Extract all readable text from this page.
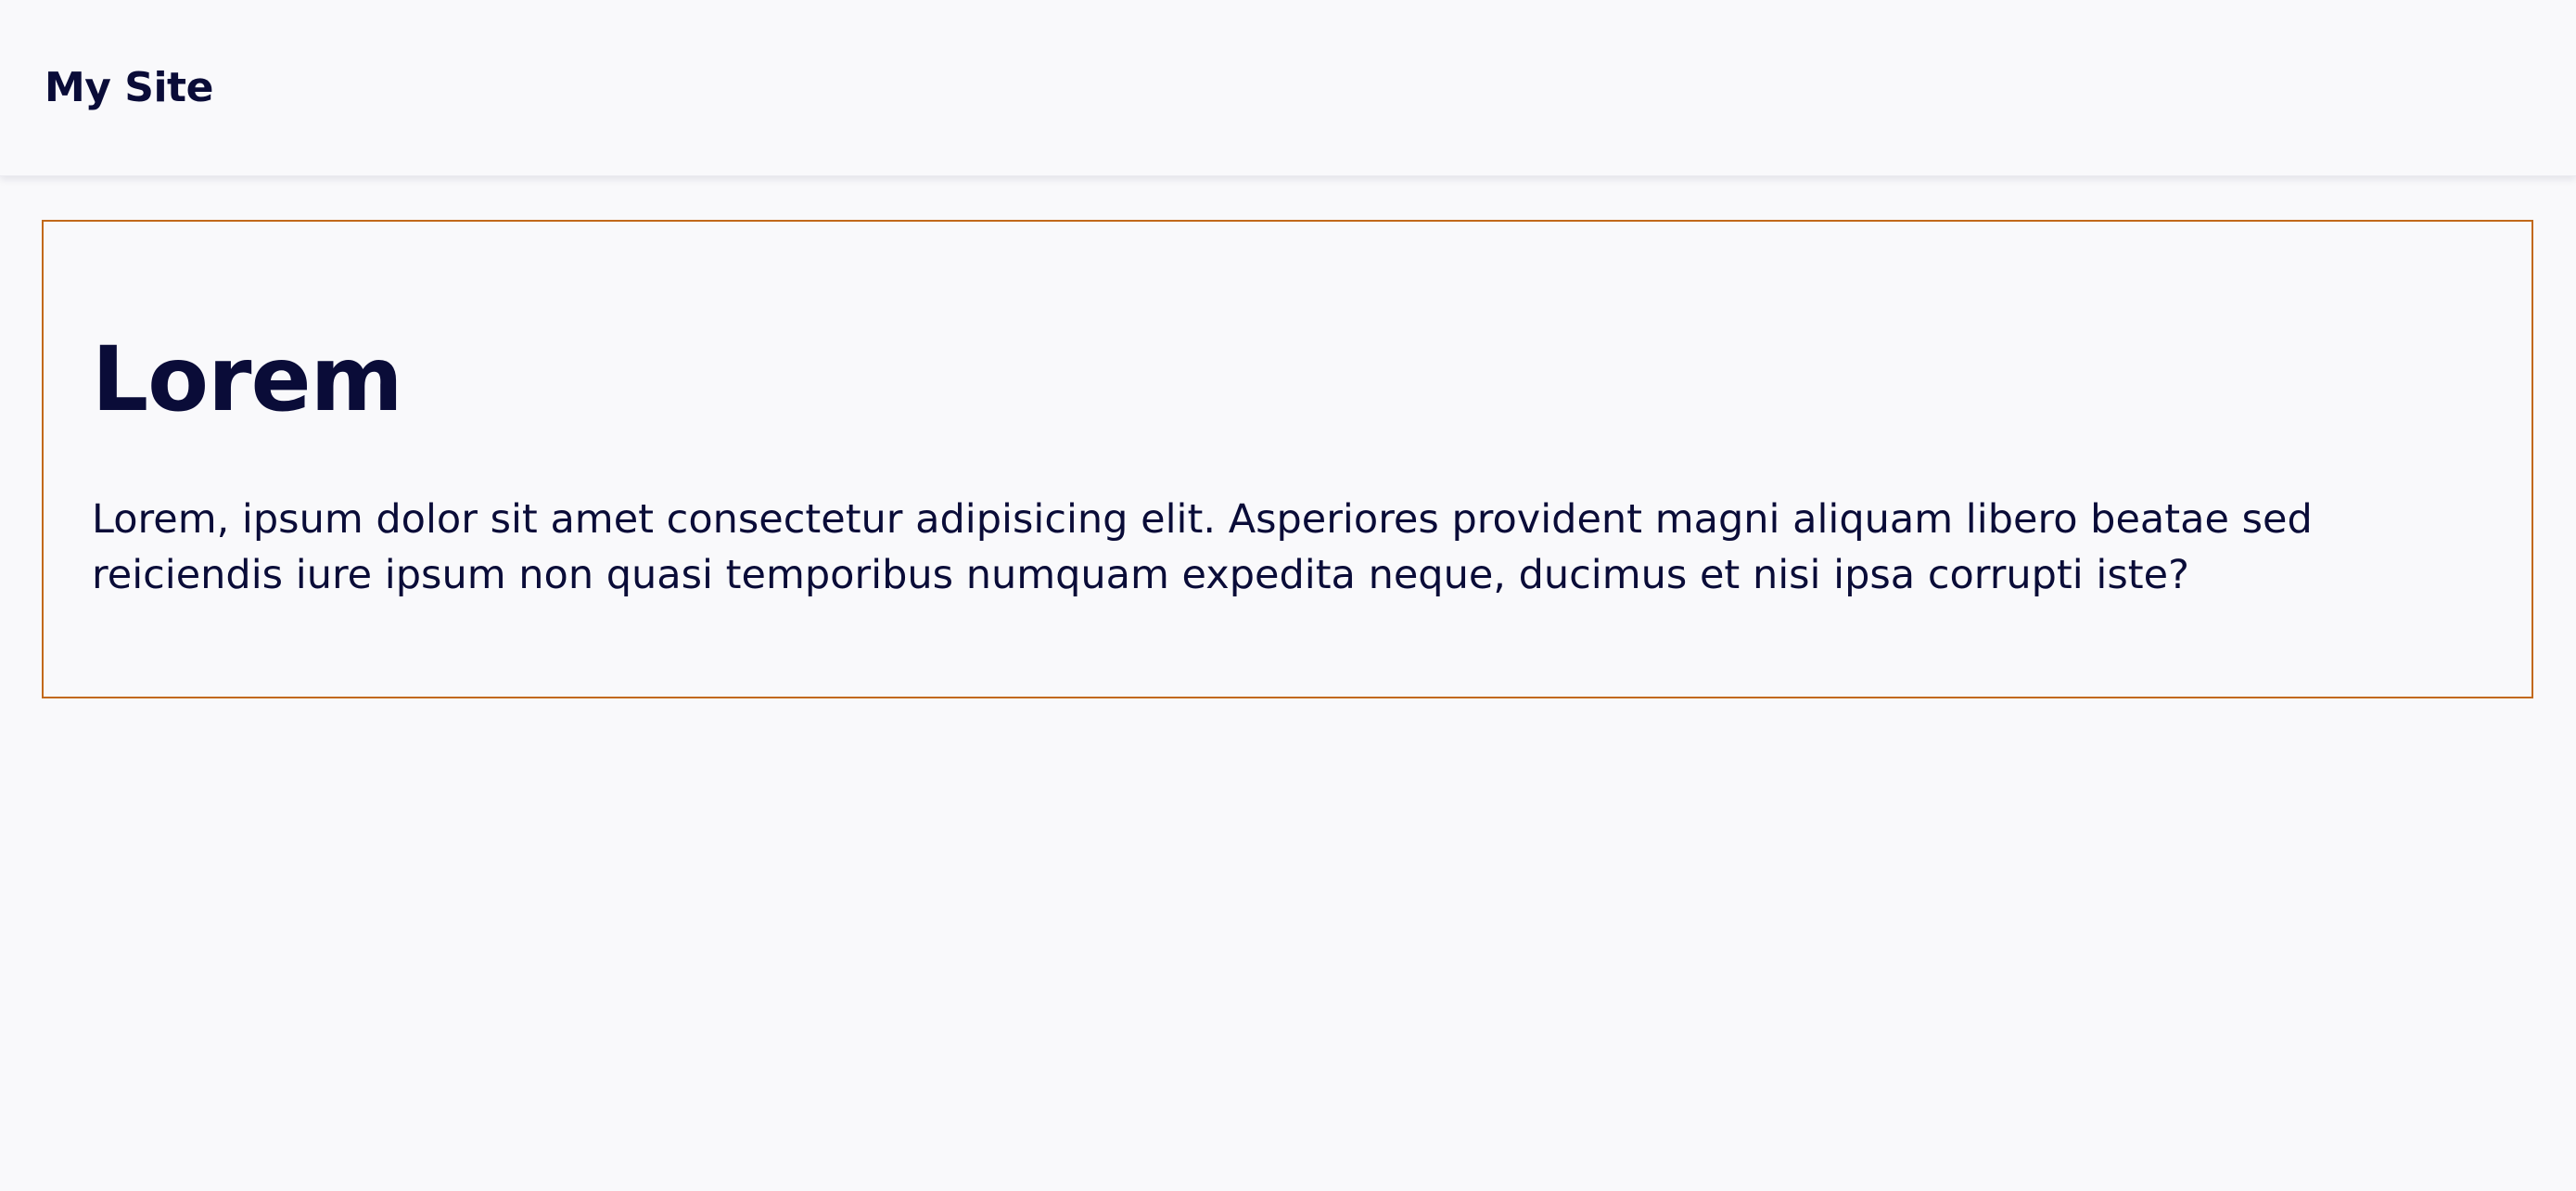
My Site
Lorem

Lorem, ipsum dolor sit amet consectetur adipisicing elit. Asperiores provident magni aliquam libero beatae sed reiciendis iure ipsum non quasi temporibus numquam expedita neque, ducimus et nisi ipsa corrupti iste?
